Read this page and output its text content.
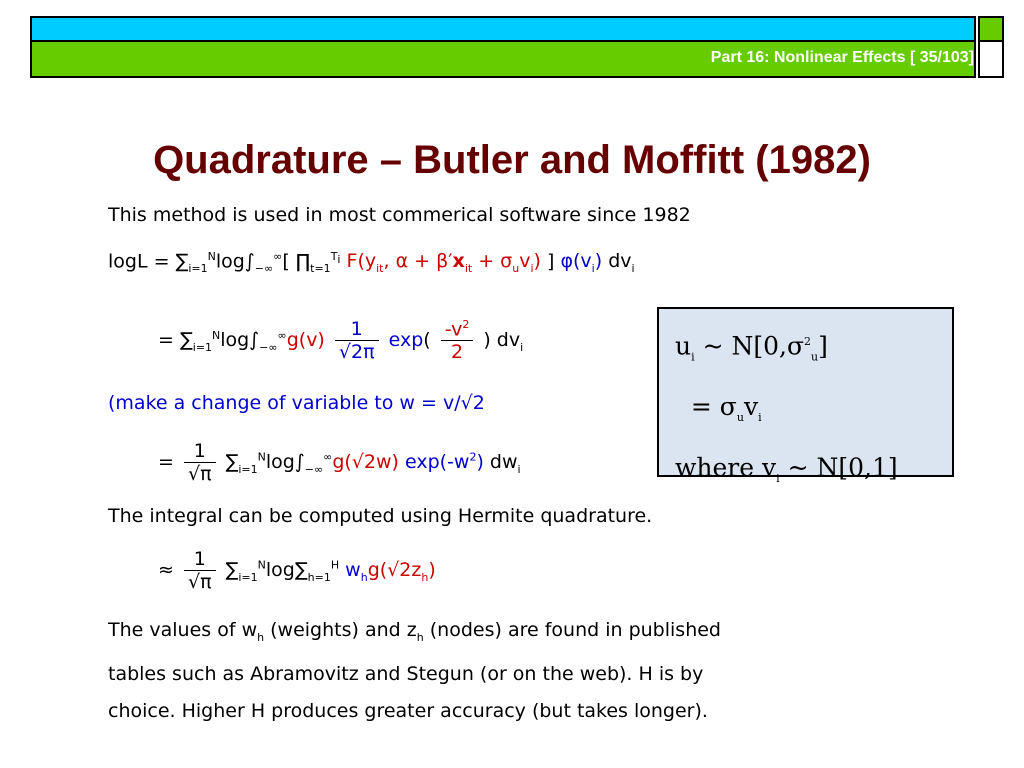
Part 16: Nonlinear Effects [ 35/103]
Quadrature – Butler and Moffitt (1982)
This method is used in most commerical software since 1982
$\log L = \sum_{i=1}^N\log\int_{-\infty}^\infty$[ $\prod_{t=1}^{T_i}$ $F(y_{it}$, $\alpha + \beta'x_{it} + \sigma_uv_i$) ] $\varphi(v_i)$ $dv_i$
= $\sum_{i=1}^N\log\int_{-\infty}^\infty g(v) \frac{1}{√2\pi} \exp( \frac{-v^2}{2}$ ) $dv_i$
(make a change of variable to w = v/√2
= $\frac{1}{√\pi} \sum_{i=1}^N\log\int_{-\infty}^\infty g(√2w)$ $\exp(-w^2)$ $dw_i$
The integral can be computed using Hermite quadrature.
≈ $\frac{1}{√\pi} \sum_{i=1}^N\log\sum_{h=1}^H$ $w_hg(√2z_h)$
The values of $w_h$ (weights) and $z_h$ (nodes) are found in published
tables such as Abramovitz and Stegun (or on the web). H is by
choice. Higher H produces greater accuracy (but takes longer).
$u_i$ ~ $N[0,\sigma^2_u]$
= $\sigma_uv_i$
where $v_i$ ~ N[0,1]
